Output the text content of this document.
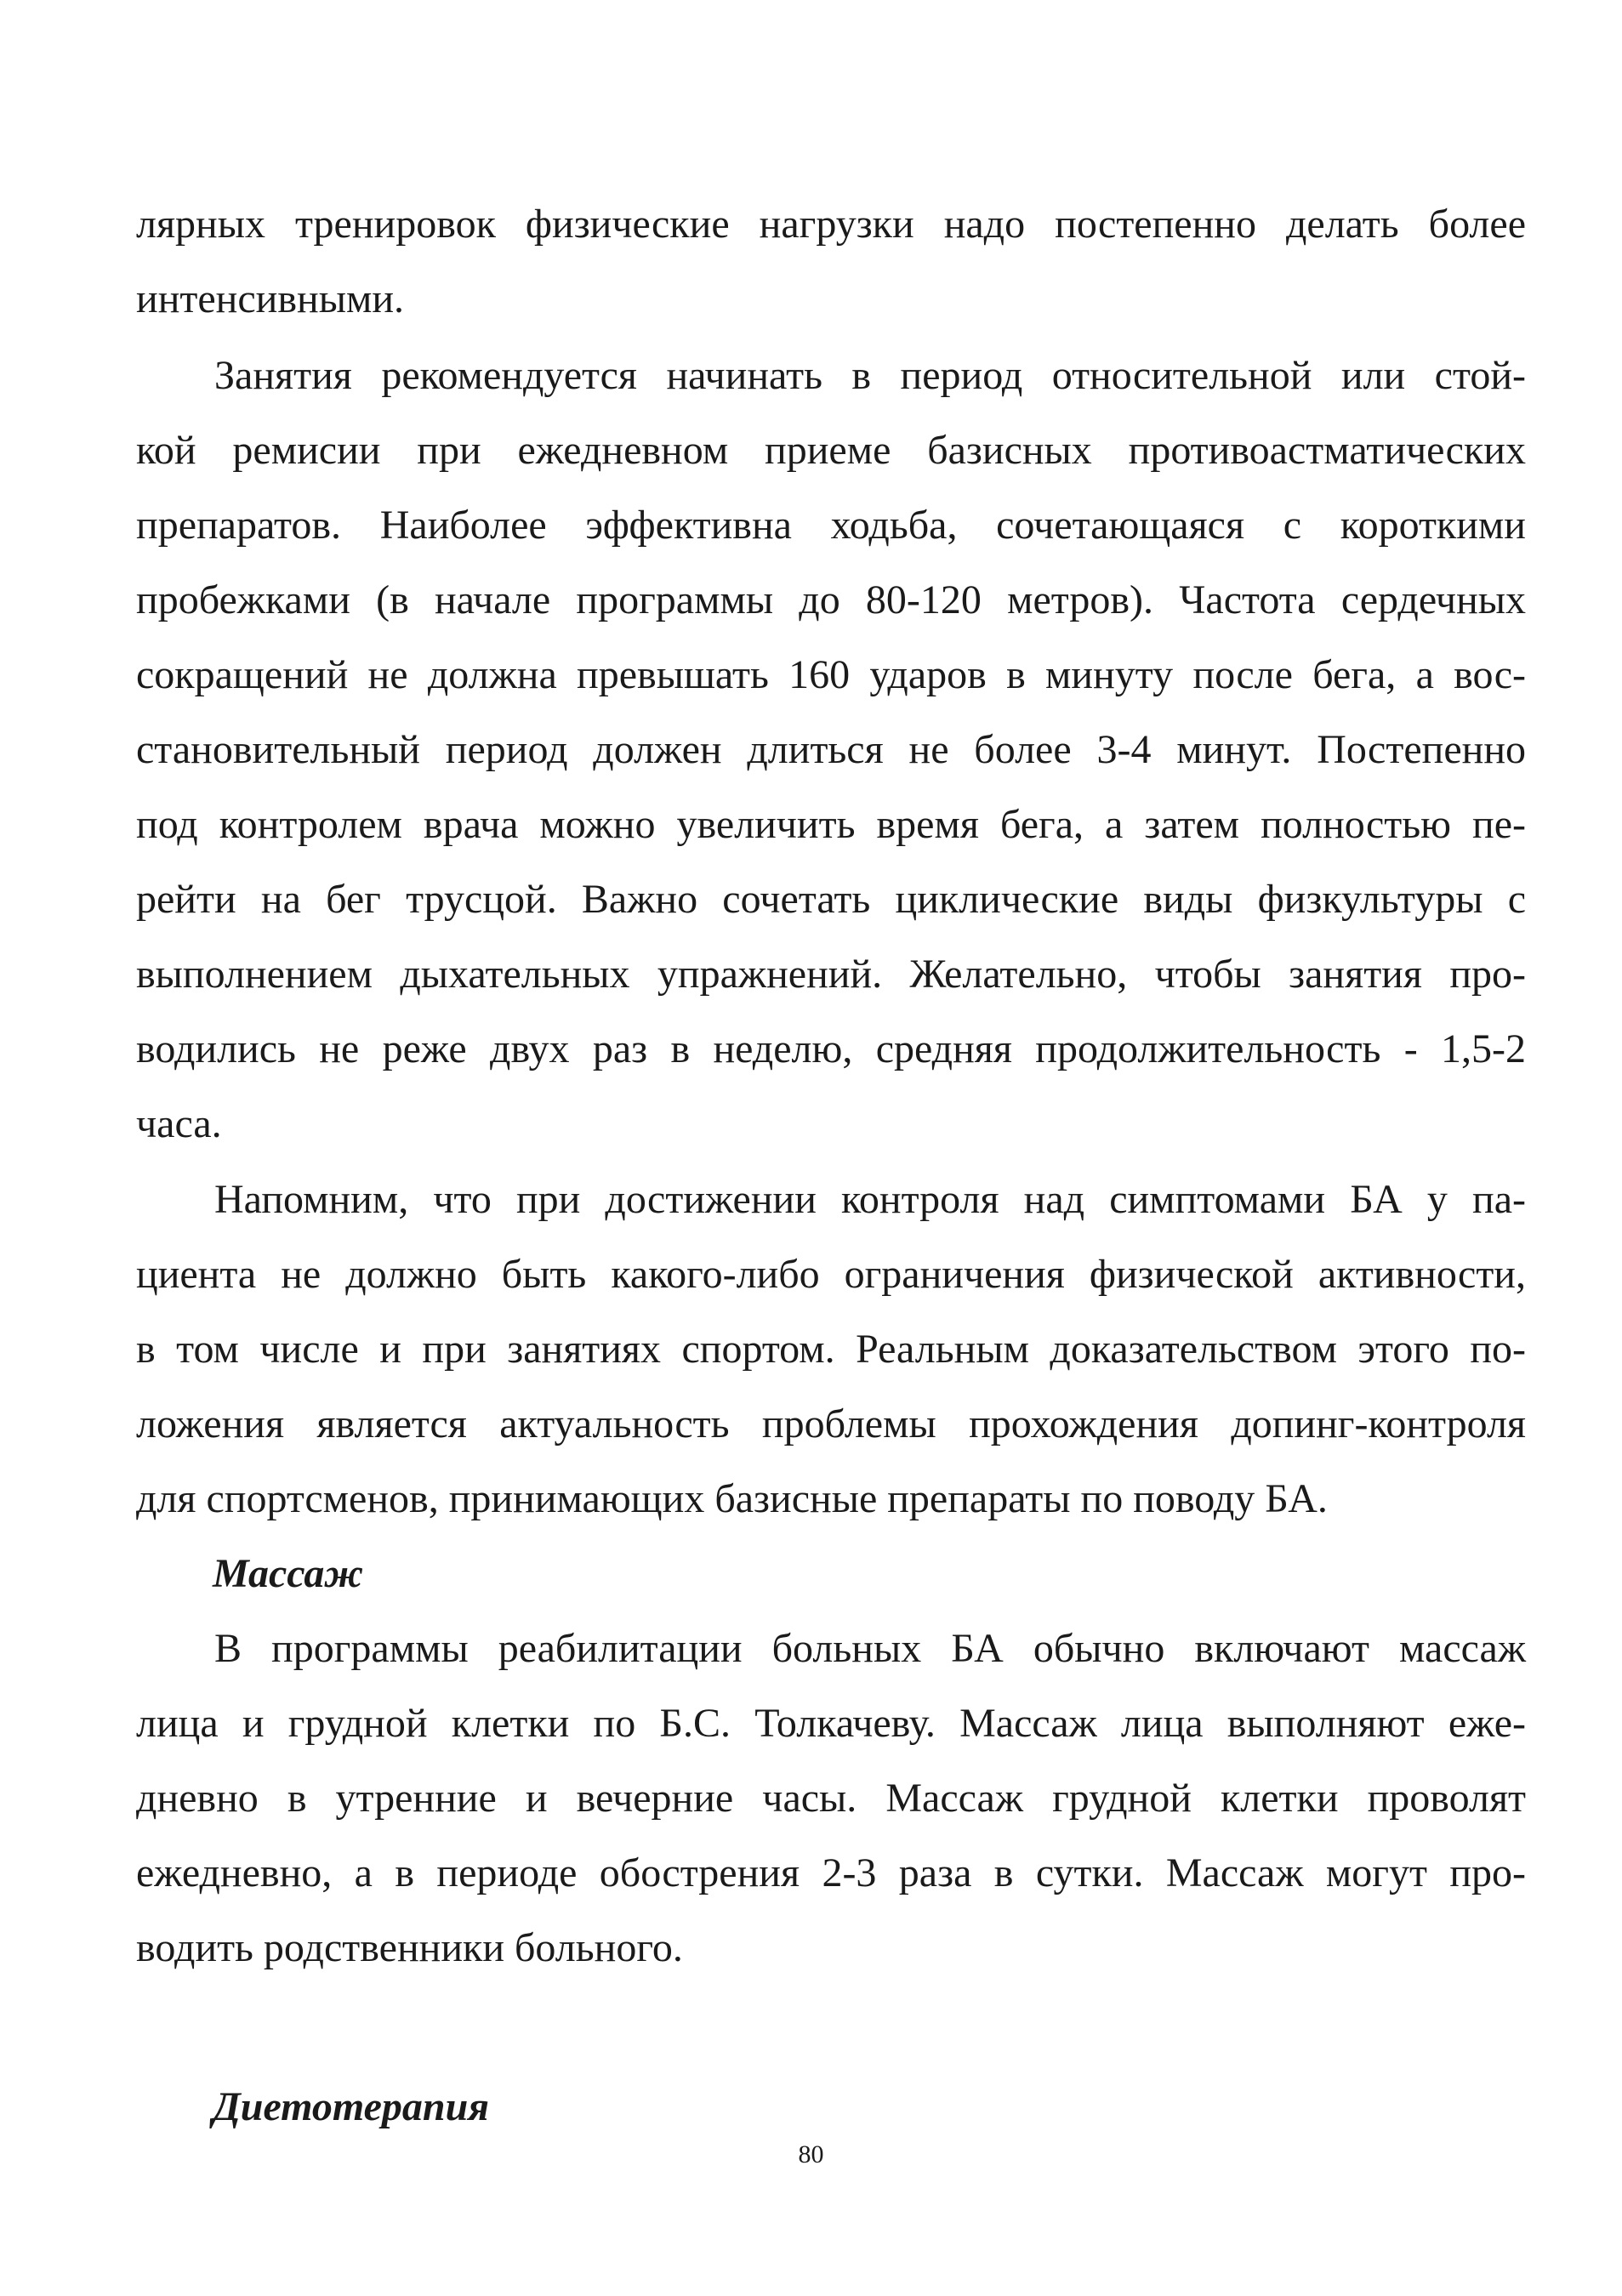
лярных тренировок физические нагрузки надо постепенно делать более
интенсивными.
Занятия рекомендуется начинать в период относительной или стой-
кой ремисии при ежедневном приеме базисных противоастматических
препаратов. Наиболее эффективна ходьба, сочетающаяся с короткими
пробежками (в начале программы до 80-120 метров). Частота сердечных
сокращений не должна превышать 160 ударов в минуту после бега, а вос-
становительный период должен длиться не более 3-4 минут. Постепенно
под контролем врача можно увеличить время бега, а затем полностью пе-
рейти на бег трусцой. Важно сочетать циклические виды физкультуры с
выполнением дыхательных упражнений. Желательно, чтобы занятия про-
водились не реже двух раз в неделю, средняя продолжительность - 1,5-2
часа.
Напомним, что при достижении контроля над симптомами БА у па-
циента не должно быть какого-либо ограничения физической активности,
в том числе и при занятиях спортом. Реальным доказательством этого по-
ложения является актуальность проблемы прохождения допинг-контроля
для спортсменов, принимающих базисные препараты по поводу БА.
Массаж
В программы реабилитации больных БА обычно включают массаж
лица и грудной клетки по Б.С. Толкачеву. Массаж лица выполняют еже-
дневно в утренние и вечерние часы. Массаж грудной клетки проволят
ежедневно, а в периоде обострения 2-3 раза в сутки. Массаж могут про-
водить родственники больного.
Диетотерапия
80
